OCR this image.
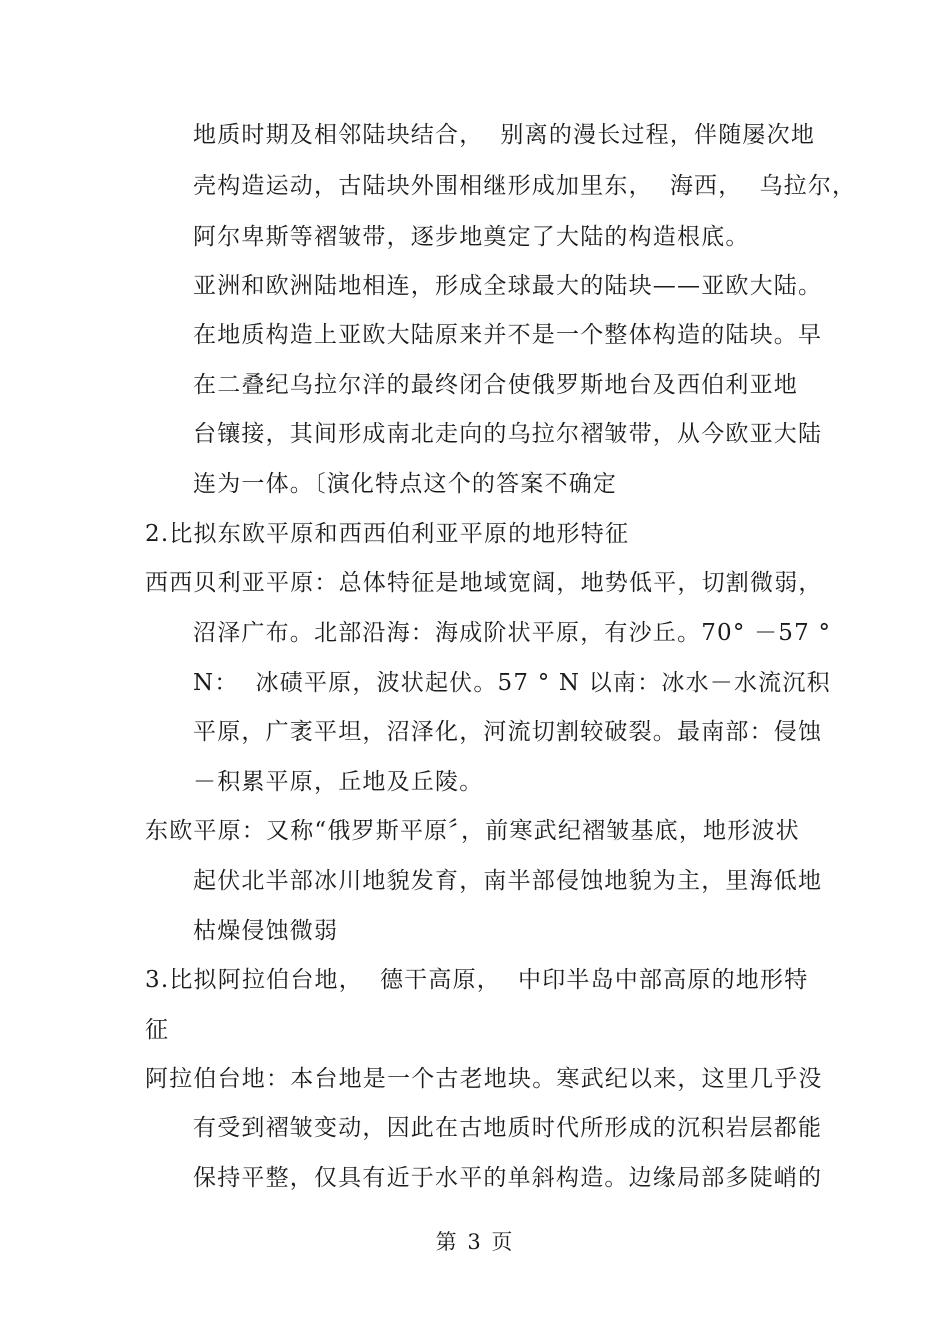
地质时期及相邻陆块结合，  别离的漫长过程，伴随屡次地
壳构造运动，古陆块外围相继形成加里东，  海西，  乌拉尔，
阿尔卑斯等褶皱带，逐步地奠定了大陆的构造根底。
亚洲和欧洲陆地相连，形成全球最大的陆块——亚欧大陆。
在地质构造上亚欧大陆原来并不是一个整体构造的陆块。早
在二叠纪乌拉尔洋的最终闭合使俄罗斯地台及西伯利亚地
台镶接，其间形成南北走向的乌拉尔褶皱带，从今欧亚大陆
连为一体。〔演化特点这个的答案不确定
2.比拟东欧平原和西西伯利亚平原的地形特征
西西贝利亚平原：总体特征是地域宽阔，地势低平，切割微弱，
沼泽广布。北部沿海：海成阶状平原，有沙丘。70° －57 °
N：  冰碛平原，波状起伏。57 ° N 以南：冰水－水流沉积
平原，广袤平坦，沼泽化，河流切割较破裂。最南部：侵蚀
－积累平原，丘地及丘陵。
东欧平原：又称“俄罗斯平原〞，前寒武纪褶皱基底，地形波状
起伏北半部冰川地貌发育，南半部侵蚀地貌为主，里海低地
枯燥侵蚀微弱
3.比拟阿拉伯台地，  德干高原，  中印半岛中部高原的地形特
征
阿拉伯台地：本台地是一个古老地块。寒武纪以来，这里几乎没
有受到褶皱变动，因此在古地质时代所形成的沉积岩层都能
保持平整，仅具有近于水平的单斜构造。边缘局部多陡峭的
第 3 页
